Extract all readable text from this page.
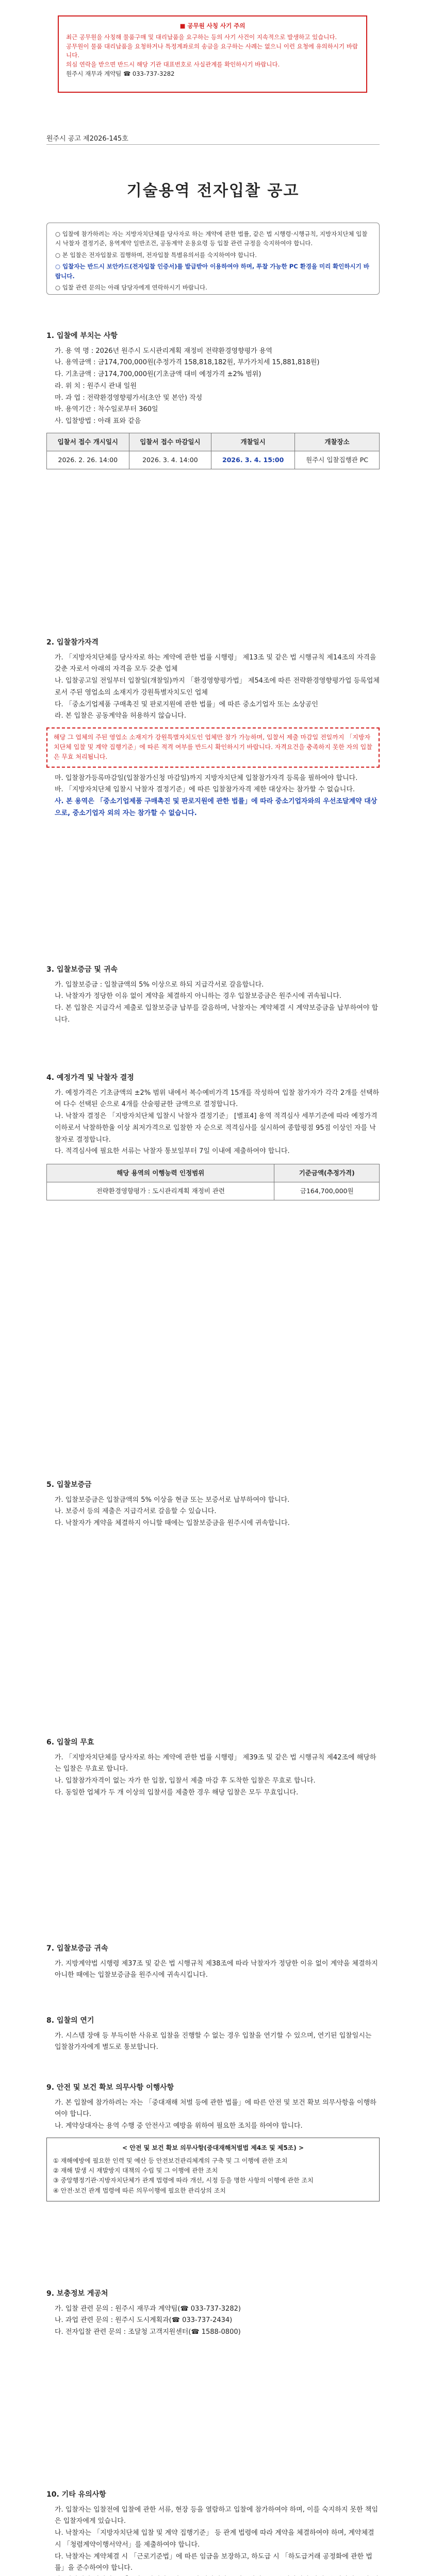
■ 공무원 사칭 사기 주의

최근 공무원을 사칭해 물품구매 및 대리납품을 요구하는 등의 사기 사건이 지속적으로 발생하고 있습니다.

공무원이 물품 대리납품을 요청하거나 특정계좌로의 송금을 요구하는 사례는 없으니 이런 요청에 유의하시기 바랍니다.

의심 연락을 받으면 반드시 해당 기관 대표번호로 사실관계를 확인하시기 바랍니다.

원주시 재무과 계약팀 ☎ 033-737-3282

원주시 공고 제2026-145호
기술용역 전자입찰 공고

○ 입찰에 참가하려는 자는 지방자치단체를 당사자로 하는 계약에 관한 법률, 같은 법 시행령·시행규칙, 지방자치단체 입찰시 낙찰자 결정기준, 용역계약 일반조건, 공동계약 운용요령 등 입찰 관련 규정을 숙지하여야 합니다.

○ 본 입찰은 전자입찰로 집행하며, 전자입찰 특별유의서를 숙지하여야 합니다.

○ 입찰자는 반드시 보안카드(전자입찰 인증서)를 발급받아 이용하여야 하며, 투찰 가능한 PC 환경을 미리 확인하시기 바랍니다.

○ 입찰 관련 문의는 아래 담당자에게 연락하시기 바랍니다.

1. 입찰에 부치는 사항

가. 용 역 명 : 2026년 원주시 도시관리계획 재정비 전략환경영향평가 용역

나. 용역금액 : 금174,700,000원(추정가격 158,818,182원, 부가가치세 15,881,818원)

다. 기초금액 : 금174,700,000원(기초금액 대비 예정가격 ±2% 범위)

라. 위 치 : 원주시 관내 일원

마. 과 업 : 전략환경영향평가서(초안 및 본안) 작성

바. 용역기간 : 착수일로부터 360일

사. 입찰방법 : 아래 표와 같음

입찰서 접수 개시일시	입찰서 접수 마감일시	개찰일시	개찰장소
2026. 2. 26. 14:00	2026. 3. 4. 14:00	2026. 3. 4. 15:00	원주시 입찰집행관 PC
2. 입찰참가자격

가. 「지방자치단체를 당사자로 하는 계약에 관한 법률 시행령」 제13조 및 같은 법 시행규칙 제14조의 자격을 갖춘 자로서 아래의 자격을 모두 갖춘 업체

나. 입찰공고일 전일부터 입찰일(개찰일)까지 「환경영향평가법」 제54조에 따른 전략환경영향평가업 등록업체로서 주된 영업소의 소재지가 강원특별자치도인 업체

다. 「중소기업제품 구매촉진 및 판로지원에 관한 법률」에 따른 중소기업자 또는 소상공인

라. 본 입찰은 공동계약을 허용하지 않습니다.

해당 그 업체의 주된 영업소 소재지가 강원특별자치도인 업체만 참가 가능하며, 입찰서 제출 마감일 전일까지 「지방자치단체 입찰 및 계약 집행기준」에 따른 적격 여부를 반드시 확인하시기 바랍니다. 자격요건을 충족하지 못한 자의 입찰은 무효 처리됩니다.

마. 입찰참가등록마감일(입찰참가신청 마감일)까지 지방자치단체 입찰참가자격 등록을 필하여야 합니다.

바. 「지방자치단체 입찰시 낙찰자 결정기준」에 따른 입찰참가자격 제한 대상자는 참가할 수 없습니다.

사. 본 용역은 「중소기업제품 구매촉진 및 판로지원에 관한 법률」에 따라 중소기업자와의 우선조달계약 대상으로, 중소기업자 외의 자는 참가할 수 없습니다.

3. 입찰보증금 및 귀속

가. 입찰보증금 : 입찰금액의 5% 이상으로 하되 지급각서로 갈음합니다.

나. 낙찰자가 정당한 이유 없이 계약을 체결하지 아니하는 경우 입찰보증금은 원주시에 귀속됩니다.

다. 본 입찰은 지급각서 제출로 입찰보증금 납부를 갈음하며, 낙찰자는 계약체결 시 계약보증금을 납부하여야 합니다.

4. 예정가격 및 낙찰자 결정

가. 예정가격은 기초금액의 ±2% 범위 내에서 복수예비가격 15개를 작성하여 입찰 참가자가 각각 2개를 선택하여 다수 선택된 순으로 4개를 산술평균한 금액으로 결정합니다.

나. 낙찰자 결정은 「지방자치단체 입찰시 낙찰자 결정기준」 [별표4] 용역 적격심사 세부기준에 따라 예정가격 이하로서 낙찰하한율 이상 최저가격으로 입찰한 자 순으로 적격심사를 실시하여 종합평점 95점 이상인 자를 낙찰자로 결정합니다.

다. 적격심사에 필요한 서류는 낙찰자 통보일부터 7일 이내에 제출하여야 합니다.

해당 용역의 이행능력 인정범위	기준금액(추정가격)
전략환경영향평가 : 도시관리계획 재정비 관련	금164,700,000원
5. 입찰보증금

가. 입찰보증금은 입찰금액의 5% 이상을 현금 또는 보증서로 납부하여야 합니다.

나. 보증서 등의 제출은 지급각서로 갈음할 수 있습니다.

다. 낙찰자가 계약을 체결하지 아니할 때에는 입찰보증금을 원주시에 귀속합니다.

6. 입찰의 무효

가. 「지방자치단체를 당사자로 하는 계약에 관한 법률 시행령」 제39조 및 같은 법 시행규칙 제42조에 해당하는 입찰은 무효로 합니다.

나. 입찰참가자격이 없는 자가 한 입찰, 입찰서 제출 마감 후 도착한 입찰은 무효로 합니다.

다. 동일한 업체가 두 개 이상의 입찰서를 제출한 경우 해당 입찰은 모두 무효입니다.

7. 입찰보증금 귀속

가. 지방계약법 시행령 제37조 및 같은 법 시행규칙 제38조에 따라 낙찰자가 정당한 이유 없이 계약을 체결하지 아니한 때에는 입찰보증금을 원주시에 귀속시킵니다.

8. 입찰의 연기

가. 시스템 장애 등 부득이한 사유로 입찰을 진행할 수 없는 경우 입찰을 연기할 수 있으며, 연기된 입찰일시는 입찰참가자에게 별도로 통보합니다.

9. 안전 및 보건 확보 의무사항 이행사항

가. 본 입찰에 참가하려는 자는 「중대재해 처벌 등에 관한 법률」에 따른 안전 및 보건 확보 의무사항을 이행하여야 합니다.

나. 계약상대자는 용역 수행 중 안전사고 예방을 위하여 필요한 조치를 하여야 합니다.

< 안전 및 보건 확보 의무사항(중대재해처벌법 제4조 및 제5조) >

① 재해예방에 필요한 인력 및 예산 등 안전보건관리체계의 구축 및 그 이행에 관한 조치

② 재해 발생 시 재발방지 대책의 수립 및 그 이행에 관한 조치

③ 중앙행정기관·지방자치단체가 관계 법령에 따라 개선, 시정 등을 명한 사항의 이행에 관한 조치

④ 안전·보건 관계 법령에 따른 의무이행에 필요한 관리상의 조치

9. 보충정보 게공처

가. 입찰 관련 문의 : 원주시 재무과 계약팀(☎ 033-737-3282)

나. 과업 관련 문의 : 원주시 도시계획과(☎ 033-737-2434)

다. 전자입찰 관련 문의 : 조달청 고객지원센터(☎ 1588-0800)

10. 기타 유의사항

가. 입찰자는 입찰전에 입찰에 관한 서류, 현장 등을 열람하고 입찰에 참가하여야 하며, 이를 숙지하지 못한 책임은 입찰자에게 있습니다.

나. 낙찰자는 「지방자치단체 입찰 및 계약 집행기준」 등 관계 법령에 따라 계약을 체결하여야 하며, 계약체결 시 「청렴계약이행서약서」를 제출하여야 합니다.

다. 낙찰자는 계약체결 시 「근로기준법」에 따른 임금을 보장하고, 하도급 시 「하도급거래 공정화에 관한 법률」을 준수하여야 합니다.
